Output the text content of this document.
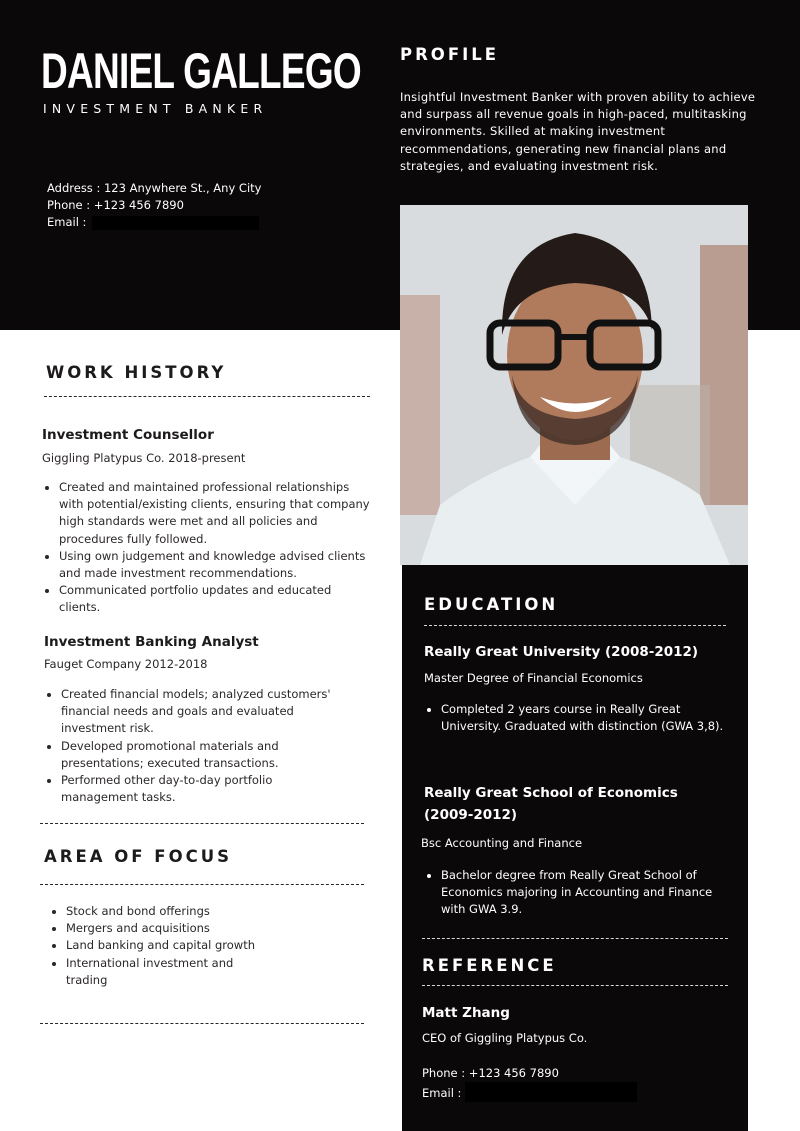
DANIEL GALLEGO
INVESTMENT BANKER
Address : 123 Anywhere St., Any City
Phone : +123 456 7890
Email :
PROFILE
Insightful Investment Banker with proven ability to achieve and surpass all revenue goals in high-paced, multitasking environments. Skilled at making investment recommendations, generating new financial plans and strategies, and evaluating investment risk.
WORK HISTORY
Investment Counsellor
Giggling Platypus Co. 2018-present
Created and maintained professional relationships with potential/existing clients, ensuring that company high standards were met and all policies and procedures fully followed.
Using own judgement and knowledge advised clients and made investment recommendations.
Communicated portfolio updates and educated clients.
Investment Banking Analyst
Fauget Company 2012-2018
Created financial models; analyzed customers' financial needs and goals and evaluated investment risk.
Developed promotional materials and presentations; executed transactions.
Performed other day-to-day portfolio management tasks.
AREA OF FOCUS
Stock and bond offerings
Mergers and acquisitions
Land banking and capital growth
International investment and trading
EDUCATION
Really Great University (2008-2012)
Master Degree of Financial Economics
Completed 2 years course in Really Great University. Graduated with distinction (GWA 3,8).
Really Great School of Economics (2009-2012)
Bsc Accounting and Finance
Bachelor degree from Really Great School of Economics majoring in Accounting and Finance with GWA 3.9.
REFERENCE
Matt Zhang
CEO of Giggling Platypus Co.
Phone : +123 456 7890
Email :
